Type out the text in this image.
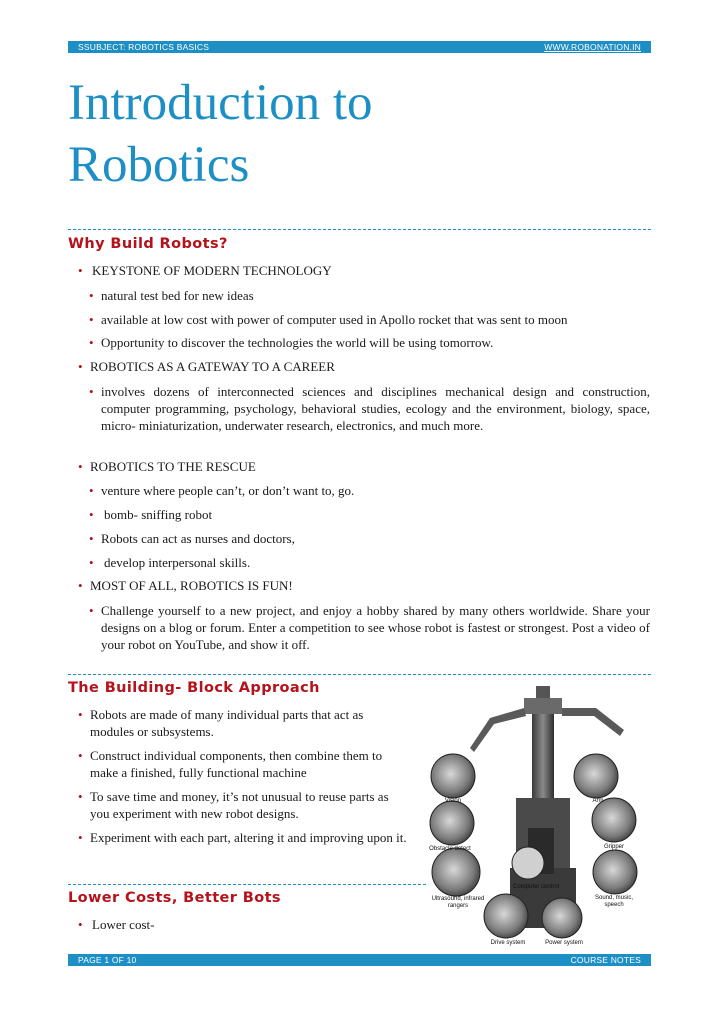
SSUBJECT: ROBOTICS BASICS	WWW.ROBONATION.IN
Introduction to
Robotics
Why Build Robots?
• KEYSTONE OF MODERN TECHNOLOGY
• natural test bed for new ideas
• available at low cost with power of computer used in Apollo rocket that was sent to moon
• Opportunity to discover the technologies the world will be using tomorrow.
• ROBOTICS AS A GATEWAY TO A CAREER
• involves dozens of interconnected sciences and disciplines mechanical design and construction, computer programming, psychology, behavioral studies, ecology and the environment, biology, space, micro- miniaturization, underwater research, electronics, and much more.
• ROBOTICS TO THE RESCUE
• venture where people can’t, or don’t want to, go.
• bomb- sniffing robot
• Robots can act as nurses and doctors,
• develop interpersonal skills.
• MOST OF ALL, ROBOTICS IS FUN!
• Challenge yourself to a new project, and enjoy a hobby shared by many others worldwide. Share your designs on a blog or forum. Enter a competition to see whose robot is fastest or strongest. Post a video of your robot on YouTube, and show it off.
The Building- Block Approach
• Robots are made of many individual parts that act as modules or subsystems.
• Construct individual components, then combine them to make a finished, fully functional machine
• To save time and money, it’s not unusual to reuse parts as you experiment with new robot designs.
• Experiment with each part, altering it and improving upon it.
Lower Costs, Better Bots
• Lower cost-
Vision	Arm
Obstacle detect	Gripper
Computer control
Ultrasound, infrared
rangers
Sound, music,
speech
Drive system	Power system
PAGE 1 OF 10	COURSE NOTES
